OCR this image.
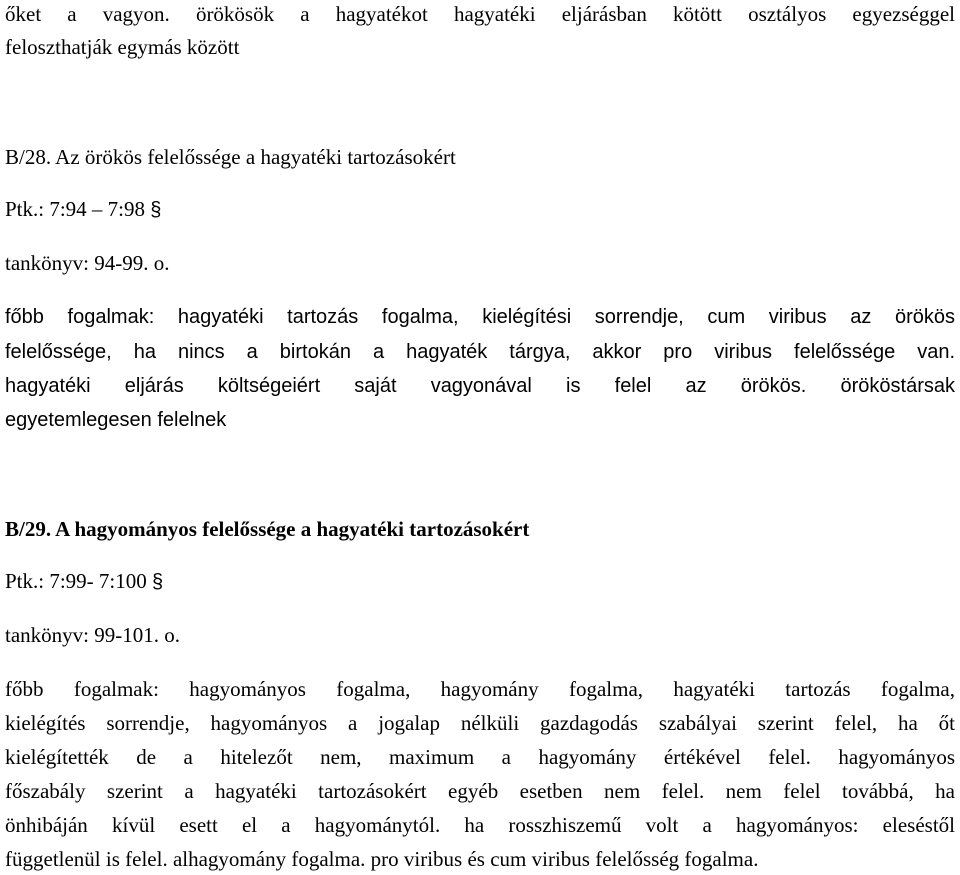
őket a vagyon. örökösök a hagyatékot hagyatéki eljárásban kötött osztályos egyezséggel
feloszthatják egymás között
B/28. Az örökös felelőssége a hagyatéki tartozásokért
Ptk.: 7:94 – 7:98 §
tankönyv: 94-99. o.
főbb fogalmak: hagyatéki tartozás fogalma, kielégítési sorrendje, cum viribus az örökös
felelőssége, ha nincs a birtokán a hagyaték tárgya, akkor pro viribus felelőssége van.
hagyatéki eljárás költségeiért saját vagyonával is felel az örökös. örököstársak
egyetemlegesen felelnek
B/29. A hagyományos felelőssége a hagyatéki tartozásokért
Ptk.: 7:99- 7:100 §
tankönyv: 99-101. o.
főbb fogalmak: hagyományos fogalma, hagyomány fogalma, hagyatéki tartozás fogalma,
kielégítés sorrendje, hagyományos a jogalap nélküli gazdagodás szabályai szerint felel, ha őt
kielégítették de a hitelezőt nem, maximum a hagyomány értékével felel. hagyományos
főszabály szerint a hagyatéki tartozásokért egyéb esetben nem felel. nem felel továbbá, ha
önhibáján kívül esett el a hagyománytól. ha rosszhiszemű volt a hagyományos: eleséstől
függetlenül is felel. alhagyomány fogalma. pro viribus és cum viribus felelősség fogalma.
